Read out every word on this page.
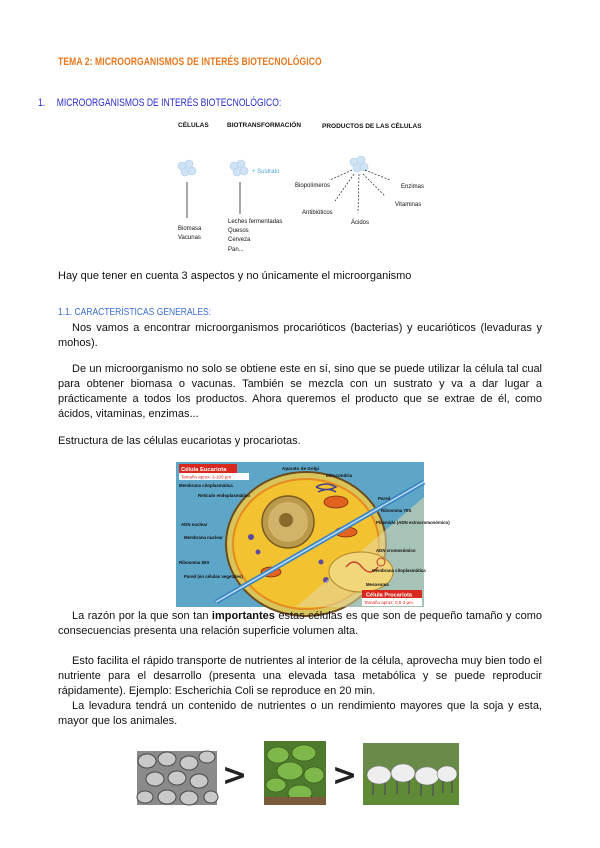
TEMA 2: MICROORGANISMOS DE INTERÉS BIOTECNOLÓGICO
1. MICROORGANISMOS DE INTERÉS BIOTECNOLÓGICO:
CÉLULAS	BIOTRANSFORMACIÓN	PRODUCTOS DE LAS CÉLULAS
Biomasa
Vacunas
+ Sustrato
Leches fermentadas
Quesos
Cerveza
Pan...
Biopolímeros	Enzimas
Antibióticos
Vitaminas
Ácidos
Hay que tener en cuenta 3 aspectos y no únicamente el microorganismo
1.1. CARACTERÍSTICAS GENERALES:
Nos vamos a encontrar microorganismos procarióticos (bacterias) y eucarióticos (levaduras y mohos).
De un microorganismo no solo se obtiene este en sí, sino que se puede utilizar la célula tal cual para obtener biomasa o vacunas. También se mezcla con un sustrato y va a dar lugar a prácticamente a todos los productos. Ahora queremos el producto que se extrae de él, como ácidos, vitaminas, enzimas...
Estructura de las células eucariotas y procariotas.
Célula Eucariota
Tamaño aprox: 3-100 µm
Aparato de Golgi
Mitocondria
Membrana citoplasmática
Retículo endoplasmático
ADN nuclear
Membrana nuclear
Ribosoma 80S
Pared (en células vegetales)
Pared
Ribosoma 70S
Plásmido (ADN extracromosómico)
ADN cromosómico
Membrana citoplasmática
Mesosoma
Célula Procariota
Tamaño aprox: 0,5-3 µm
La razón por la que son tan importantes estas células es que son de pequeño tamaño y como consecuencias presenta una relación superficie volumen alta.
Esto facilita el rápido transporte de nutrientes al interior de la célula, aprovecha muy bien todo el nutriente para el desarrollo (presenta una elevada tasa metabólica y se puede reproducir rápidamente). Ejemplo: Escherichia Coli se reproduce en 20 min.
La levadura tendrá un contenido de nutrientes o un rendimiento mayores que la soja y esta, mayor que los animales.
>	>
